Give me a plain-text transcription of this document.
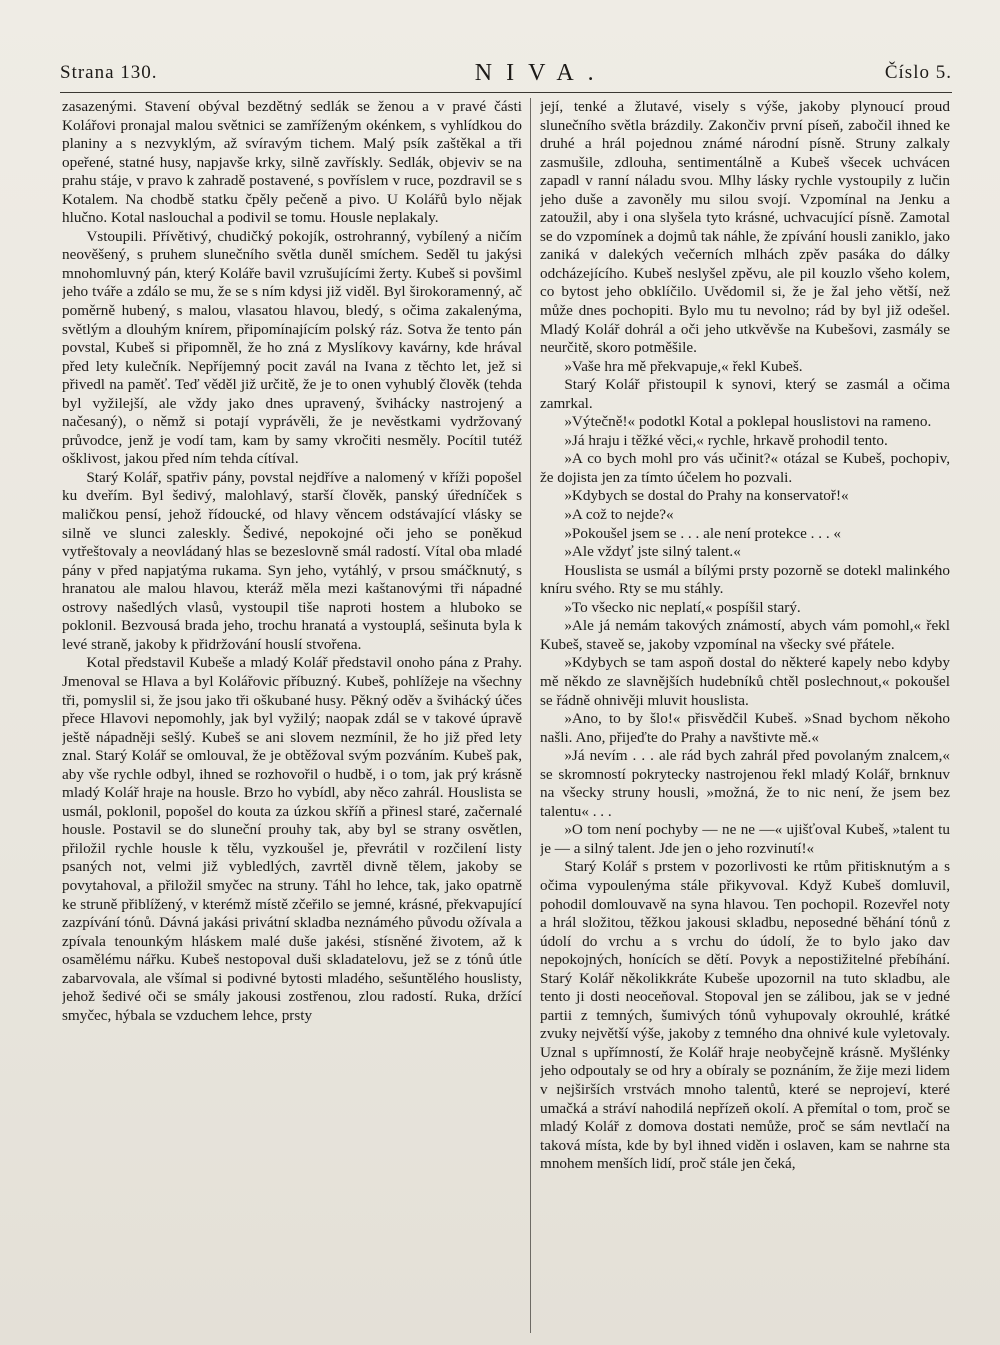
Strana 130.	NIVA.	Číslo 5.

zasazenými. Stavení obýval bezdětný sedlák se ženou a v pravé části Kolářovi pronajal malou světnici se zamříženým okénkem, s vyhlídkou do planiny a s nezvyklým, až svíravým tichem. Malý psík zaštěkal a tři opeřené, statné husy, napjavše krky, silně zavřískly. Sedlák, objeviv se na prahu stáje, v pravo k zahradě postavené, s povříslem v ruce, pozdravil se s Kotalem. Na chodbě statku čpěly pečeně a pivo. U Kolářů bylo nějak hlučno. Kotal naslouchal a podivil se tomu. Housle neplakaly.

Vstoupili. Přívětivý, chudičký pokojík, ostrohranný, vybílený a ničím neověšený, s pruhem slunečního světla duněl smíchem. Seděl tu jakýsi mnohomluvný pán, který Koláře bavil vzrušujícími žerty. Kubeš si povšiml jeho tváře a zdálo se mu, že se s ním kdysi již viděl. Byl širokoramenný, ač poměrně hubený, s malou, vlasatou hlavou, bledý, s očima zakalenýma, světlým a dlouhým knírem, připomínajícím polský ráz. Sotva že tento pán povstal, Kubeš si připomněl, že ho zná z Myslíkovy kavárny, kde hrával před lety kulečník. Nepříjemný pocit zavál na Ivana z těchto let, jež si přivedl na paměť. Teď věděl již určitě, že je to onen vyhublý člověk (tehda byl vyžilejší, ale vždy jako dnes upravený, švihácky nastrojený a načesaný), o němž si potají vyprávěli, že je nevěstkami vydržovaný průvodce, jenž je vodí tam, kam by samy vkročiti nesměly. Pocítil tutéž ošklivost, jakou před ním tehda cítíval.

Starý Kolář, spatřiv pány, povstal nejdříve a nalomený v kříži popošel ku dveřím. Byl šedivý, malohlavý, starší člověk, panský úředníček s maličkou pensí, jehož řídoucké, od hlavy věncem odstávající vlásky se silně ve slunci zaleskly. Šedivé, nepokojné oči jeho se poněkud vytřeštovaly a neovládaný hlas se bezeslovně smál radostí. Vítal oba mladé pány v před napjatýma rukama. Syn jeho, vytáhlý, v prsou smáčknutý, s hranatou ale malou hlavou, kteráž měla mezi kaštanovými tři nápadné ostrovy našedlých vlasů, vystoupil tiše naproti hostem a hluboko se poklonil. Bezvousá brada jeho, trochu hranatá a vystouplá, sešinuta byla k levé straně, jakoby k přidržování houslí stvořena.

Kotal představil Kubeše a mladý Kolář představil onoho pána z Prahy. Jmenoval se Hlava a byl Kolářovic příbuzný. Kubeš, pohlížeje na všechny tři, pomyslil si, že jsou jako tři oškubané husy. Pěkný oděv a švihácký účes přece Hlavovi nepomohly, jak byl vyžilý; naopak zdál se v takové úpravě ještě nápadněji sešlý. Kubeš se ani slovem nezmínil, že ho již před lety znal. Starý Kolář se omlouval, že je obtěžoval svým pozváním. Kubeš pak, aby vše rychle odbyl, ihned se rozhovořil o hudbě, i o tom, jak prý krásně mladý Kolář hraje na housle. Brzo ho vybídl, aby něco zahrál. Houslista se usmál, poklonil, popošel do kouta za úzkou skříň a přinesl staré, začernalé housle. Postavil se do sluneční prouhy tak, aby byl se strany osvětlen, přiložil rychle housle k tělu, vyzkoušel je, převrátil v rozčilení listy psaných not, velmi již vybledlých, zavrtěl divně tělem, jakoby se povytahoval, a přiložil smyčec na struny. Táhl ho lehce, tak, jako opatrně ke struně přiblížený, v kterémž místě zčeřilo se jemné, krásné, překvapující zazpívání tónů. Dávná jakási privátní skladba neznámého původu ožívala a zpívala tenounkým hláskem malé duše jakési, stísněné životem, až k osamělému nářku. Kubeš nestopoval duši skladatelovu, jež se z tónů útle zabarvovala, ale všímal si podivné bytosti mladého, sešuntělého houslisty, jehož šedivé oči se smály jakousi zostřenou, zlou radostí. Ruka, držící smyčec, hýbala se vzduchem lehce, prsty

její, tenké a žlutavé, visely s výše, jakoby plynoucí proud slunečního světla brázdily. Zakončiv první píseň, zabočil ihned ke druhé a hrál pojednou známé národní písně. Struny zalkaly zasmušile, zdlouha, sentimentálně a Kubeš všecek uchvácen zapadl v ranní náladu svou. Mlhy lásky rychle vystoupily z lučin jeho duše a zavoněly mu silou svojí. Vzpomínal na Jenku a zatoužil, aby i ona slyšela tyto krásné, uchvacující písně. Zamotal se do vzpomínek a dojmů tak náhle, že zpívání housli zaniklo, jako zaniká v dalekých večerních mlhách zpěv pasáka do dálky odcházejícího. Kubeš neslyšel zpěvu, ale pil kouzlo všeho kolem, co bytost jeho obklíčilo. Uvědomil si, že je žal jeho větší, než může dnes pochopiti. Bylo mu tu nevolno; rád by byl již odešel. Mladý Kolář dohrál a oči jeho utkvěvše na Kubešovi, zasmály se neurčitě, skoro potměšile.

»Vaše hra mě překvapuje,« řekl Kubeš.

Starý Kolář přistoupil k synovi, který se zasmál a očima zamrkal.

»Výtečně!« podotkl Kotal a poklepal houslistovi na rameno.

»Já hraju i těžké věci,« rychle, hrkavě prohodil tento.

»A co bych mohl pro vás učinit?« otázal se Kubeš, pochopiv, že dojista jen za tímto účelem ho pozvali.

»Kdybych se dostal do Prahy na konservatoř!«

»A což to nejde?«

»Pokoušel jsem se . . . ale není protekce . . . «

»Ale vždyť jste silný talent.«

Houslista se usmál a bílými prsty pozorně se dotekl malinkého kníru svého. Rty se mu stáhly.

»To všecko nic neplatí,« pospíšil starý.

»Ale já nemám takových známostí, abych vám pomohl,« řekl Kubeš, staveě se, jakoby vzpomínal na všecky své přátele.

»Kdybych se tam aspoň dostal do některé kapely nebo kdyby mě někdo ze slavnějších hudebníků chtěl poslechnout,« pokoušel se řádně ohnivěji mluvit houslista.

»Ano, to by šlo!« přisvědčil Kubeš. »Snad bychom někoho našli. Ano, přijeďte do Prahy a navštivte mě.«

»Já nevím . . . ale rád bych zahrál před povolaným znalcem,« se skromností pokrytecky nastrojenou řekl mladý Kolář, brnknuv na všecky struny housli, »možná, že to nic není, že jsem bez talentu« . . .

»O tom není pochyby — ne ne —« ujišťoval Kubeš, »talent tu je — a silný talent. Jde jen o jeho rozvinutí!«

Starý Kolář s prstem v pozorlivosti ke rtům přitisknutým a s očima vypoulenýma stále přikyvoval. Když Kubeš domluvil, pohodil domlouvavě na syna hlavou. Ten pochopil. Rozevřel noty a hrál složitou, těžkou jakousi skladbu, neposedné běhání tónů z údolí do vrchu a s vrchu do údolí, že to bylo jako dav nepokojných, honících se dětí. Povyk a nepostižitelné přebíhání. Starý Kolář několikkráte Kubeše upozornil na tuto skladbu, ale tento ji dosti neoceňoval. Stopoval jen se zálibou, jak se v jedné partii z temných, šumivých tónů vyhupovaly okrouhlé, krátké zvuky největší výše, jakoby z temného dna ohnivé kule vyletovaly. Uznal s upřímností, že Kolář hraje neobyčejně krásně. Myšlénky jeho odpoutaly se od hry a obíraly se poznáním, že žije mezi lidem v nejširších vrstvách mnoho talentů, které se neprojeví, které umačká a stráví nahodilá nepřízeň okolí. A přemítal o tom, proč se mladý Kolář z domova dostati nemůže, proč se sám nevtlačí na taková místa, kde by byl ihned viděn i oslaven, kam se nahrne sta mnohem menších lidí, proč stále jen čeká,
